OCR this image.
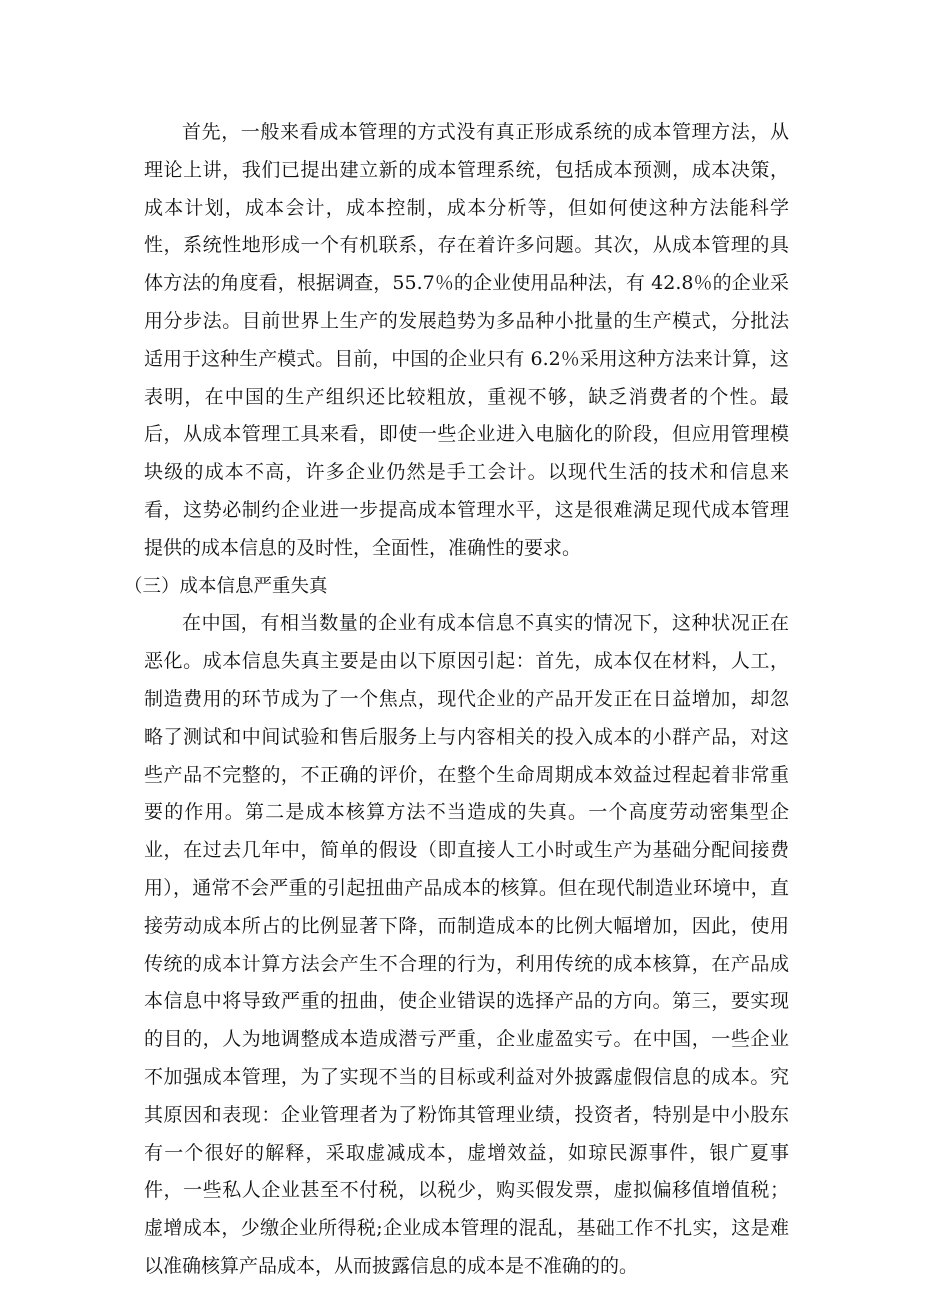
首先，一般来看成本管理的方式没有真正形成系统的成本管理方法，从理论上讲，我们已提出建立新的成本管理系统，包括成本预测，成本决策，成本计划，成本会计，成本控制，成本分析等，但如何使这种方法能科学性，系统性地形成一个有机联系，存在着许多问题。其次，从成本管理的具体方法的角度看，根据调查，55.7％的企业使用品种法，有 42.8％的企业采用分步法。目前世界上生产的发展趋势为多品种小批量的生产模式，分批法适用于这种生产模式。目前，中国的企业只有 6.2％采用这种方法来计算，这表明，在中国的生产组织还比较粗放，重视不够，缺乏消费者的个性。最后，从成本管理工具来看，即使一些企业进入电脑化的阶段，但应用管理模块级的成本不高，许多企业仍然是手工会计。以现代生活的技术和信息来看，这势必制约企业进一步提高成本管理水平，这是很难满足现代成本管理提供的成本信息的及时性，全面性，准确性的要求。

（三）成本信息严重失真

在中国，有相当数量的企业有成本信息不真实的情况下，这种状况正在恶化。成本信息失真主要是由以下原因引起：首先，成本仅在材料，人工，制造费用的环节成为了一个焦点，现代企业的产品开发正在日益增加，却忽略了测试和中间试验和售后服务上与内容相关的投入成本的小群产品，对这些产品不完整的，不正确的评价，在整个生命周期成本效益过程起着非常重要的作用。第二是成本核算方法不当造成的失真。一个高度劳动密集型企业，在过去几年中，简单的假设（即直接人工小时或生产为基础分配间接费用），通常不会严重的引起扭曲产品成本的核算。但在现代制造业环境中，直接劳动成本所占的比例显著下降，而制造成本的比例大幅增加，因此，使用传统的成本计算方法会产生不合理的行为，利用传统的成本核算，在产品成本信息中将导致严重的扭曲，使企业错误的选择产品的方向。第三，要实现的目的，人为地调整成本造成潜亏严重，企业虚盈实亏。在中国，一些企业不加强成本管理，为了实现不当的目标或利益对外披露虚假信息的成本。究其原因和表现：企业管理者为了粉饰其管理业绩，投资者，特别是中小股东有一个很好的解释，采取虚减成本，虚增效益，如琼民源事件，银广夏事件，一些私人企业甚至不付税，以税少，购买假发票，虚拟偏移值增值税；虚增成本，少缴企业所得税;企业成本管理的混乱，基础工作不扎实，这是难以准确核算产品成本，从而披露信息的成本是不准确的的。
